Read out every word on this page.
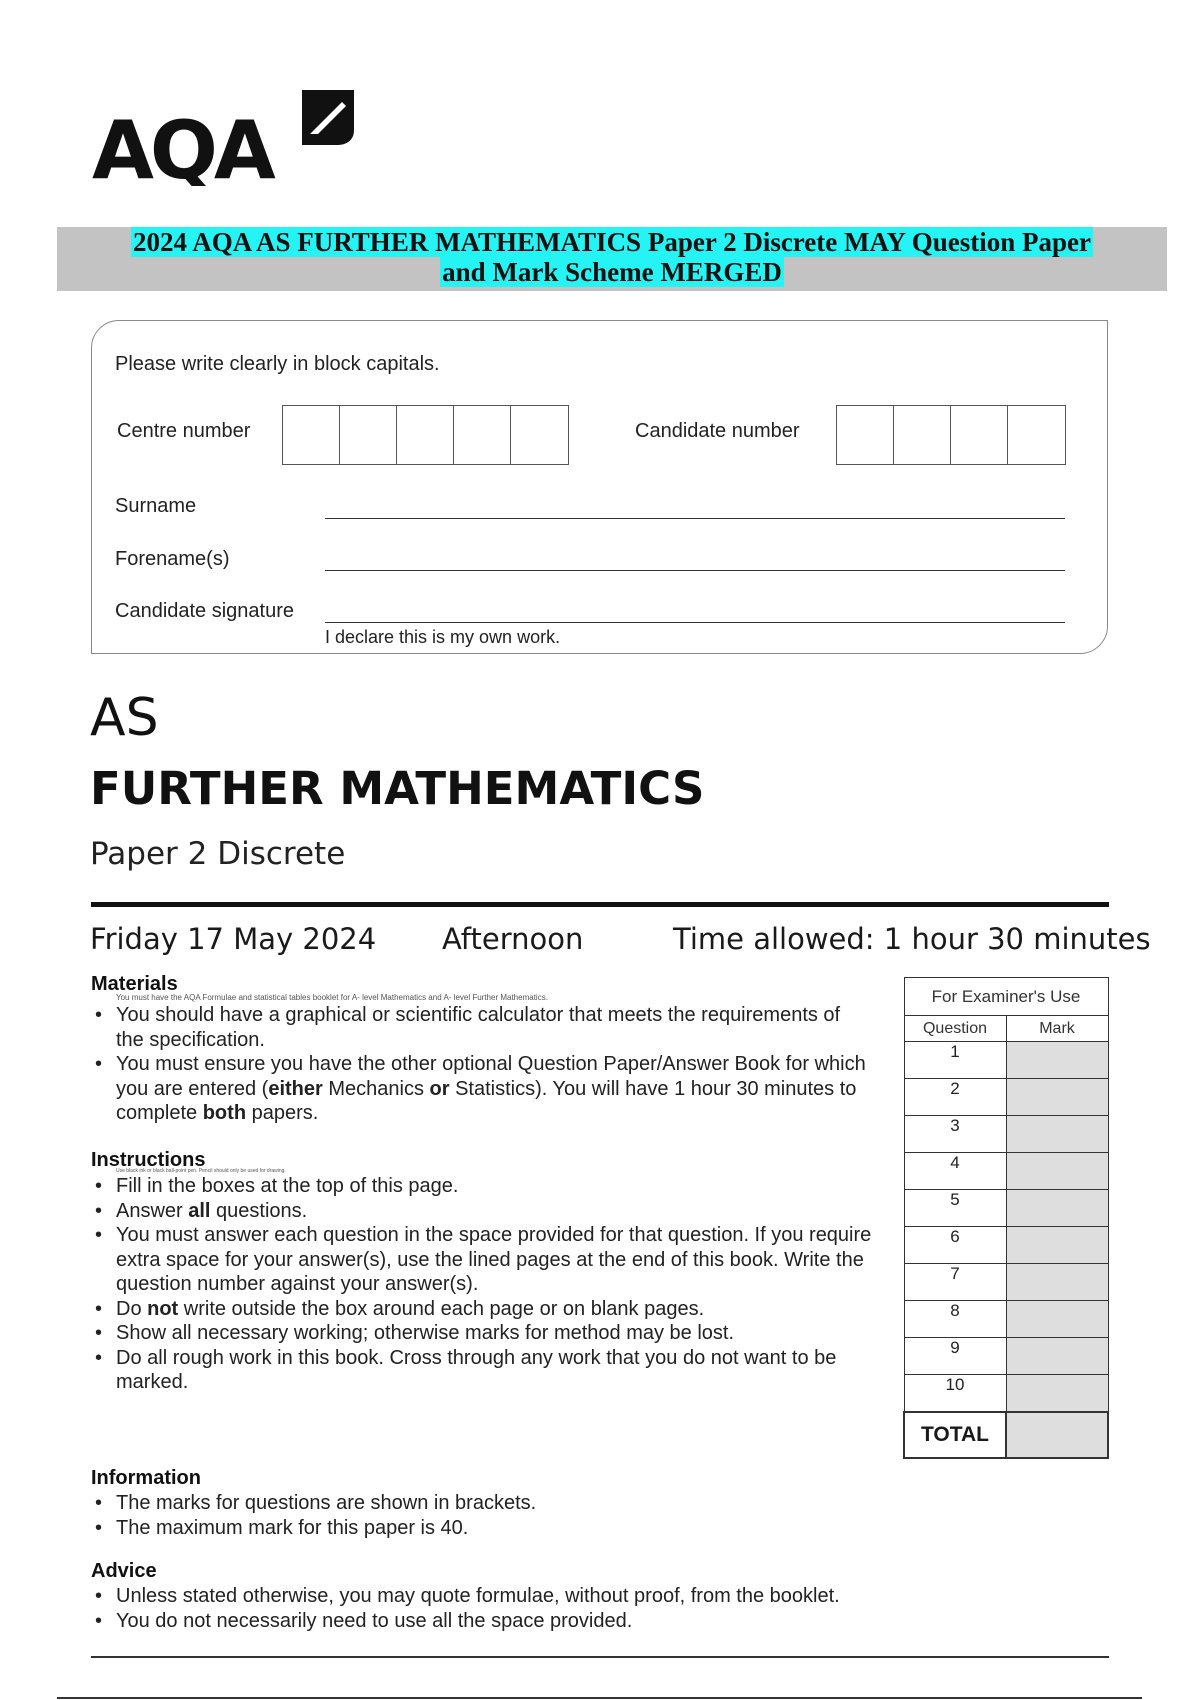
AQA
2024 AQA AS FURTHER MATHEMATICS Paper 2 Discrete MAY Question Paper
and Mark Scheme MERGED
Please write clearly in block capitals.
Centre number	Candidate number
Surname
Forename(s)
Candidate signature
I declare this is my own work.
AS
FURTHER MATHEMATICS
Paper 2 Discrete
Friday 17 May 2024 Afternoon	Time allowed: 1 hour 30 minutes
Materials
You must have the AQA Formulae and statistical tables booklet for A‑ level Mathematics and A‑ level Further Mathematics.
• You should have a graphical or scientific calculator that meets the requirements of the specification.
• You must ensure you have the other optional Question Paper/Answer Book for which you are entered (either Mechanics or Statistics). You will have 1 hour 30 minutes to complete both papers.
Instructions
Use black ink or black ball‑point pen. Pencil should only be used for drawing.
• Fill in the boxes at the top of this page.
• Answer all questions.
• You must answer each question in the space provided for that question. If you require extra space for your answer(s), use the lined pages at the end of this book. Write the question number against your answer(s).
• Do not write outside the box around each page or on blank pages.
• Show all necessary working; otherwise marks for method may be lost.
• Do all rough work in this book. Cross through any work that you do not want to be marked.
Information
• The marks for questions are shown in brackets.
• The maximum mark for this paper is 40.
Advice
• Unless stated otherwise, you may quote formulae, without proof, from the booklet.
• You do not necessarily need to use all the space provided.
For Examiner's Use	
Question	Mark
1	
2	
3	
4	
5	
6	
7	
8	
9	
10	
TOTAL	
